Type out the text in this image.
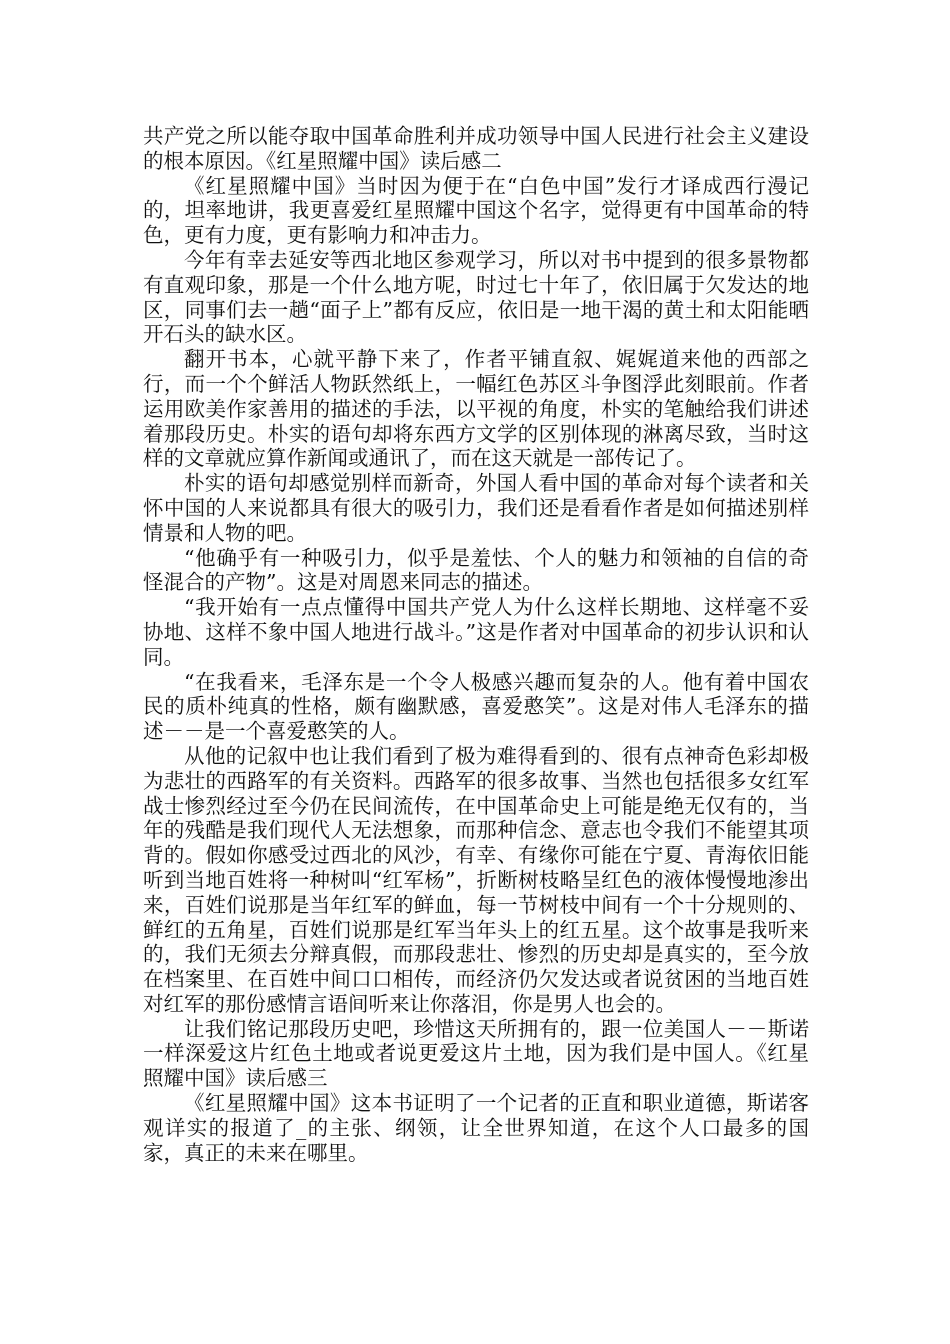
共产党之所以能夺取中国革命胜利并成功领导中国人民进行社会主义建设的根本原因。《红星照耀中国》读后感二

《红星照耀中国》当时因为便于在“白色中国”发行才译成西行漫记的，坦率地讲，我更喜爱红星照耀中国这个名字，觉得更有中国革命的特色，更有力度，更有影响力和冲击力。

今年有幸去延安等西北地区参观学习，所以对书中提到的很多景物都有直观印象，那是一个什么地方呢，时过七十年了，依旧属于欠发达的地区，同事们去一趟“面子上”都有反应，依旧是一地干渴的黄土和太阳能晒开石头的缺水区。

翻开书本，心就平静下来了，作者平铺直叙、娓娓道来他的西部之行，而一个个鲜活人物跃然纸上，一幅红色苏区斗争图浮此刻眼前。作者运用欧美作家善用的描述的手法，以平视的角度，朴实的笔触给我们讲述着那段历史。朴实的语句却将东西方文学的区别体现的淋离尽致，当时这样的文章就应算作新闻或通讯了，而在这天就是一部传记了。

朴实的语句却感觉别样而新奇，外国人看中国的革命对每个读者和关怀中国的人来说都具有很大的吸引力，我们还是看看作者是如何描述别样情景和人物的吧。

“他确乎有一种吸引力，似乎是羞怯、个人的魅力和领袖的自信的奇怪混合的产物”。这是对周恩来同志的描述。

“我开始有一点点懂得中国共产党人为什么这样长期地、这样毫不妥协地、这样不象中国人地进行战斗。”这是作者对中国革命的初步认识和认同。

“在我看来，毛泽东是一个令人极感兴趣而复杂的人。他有着中国农民的质朴纯真的性格，颇有幽默感，喜爱憨笑”。这是对伟人毛泽东的描述－－是一个喜爱憨笑的人。

从他的记叙中也让我们看到了极为难得看到的、很有点神奇色彩却极为悲壮的西路军的有关资料。西路军的很多故事、当然也包括很多女红军战士惨烈经过至今仍在民间流传，在中国革命史上可能是绝无仅有的，当年的残酷是我们现代人无法想象，而那种信念、意志也令我们不能望其项背的。假如你感受过西北的风沙，有幸、有缘你可能在宁夏、青海依旧能听到当地百姓将一种树叫“红军杨”，折断树枝略呈红色的液体慢慢地渗出来，百姓们说那是当年红军的鲜血，每一节树枝中间有一个十分规则的、鲜红的五角星，百姓们说那是红军当年头上的红五星。这个故事是我听来的，我们无须去分辩真假，而那段悲壮、惨烈的历史却是真实的，至今放在档案里、在百姓中间口口相传，而经济仍欠发达或者说贫困的当地百姓对红军的那份感情言语间听来让你落泪，你是男人也会的。

让我们铭记那段历史吧，珍惜这天所拥有的，跟一位美国人－－斯诺一样深爱这片红色土地或者说更爱这片土地，因为我们是中国人。《红星照耀中国》读后感三

《红星照耀中国》这本书证明了一个记者的正直和职业道德，斯诺客观详实的报道了_的主张、纲领，让全世界知道，在这个人口最多的国家，真正的未来在哪里。
